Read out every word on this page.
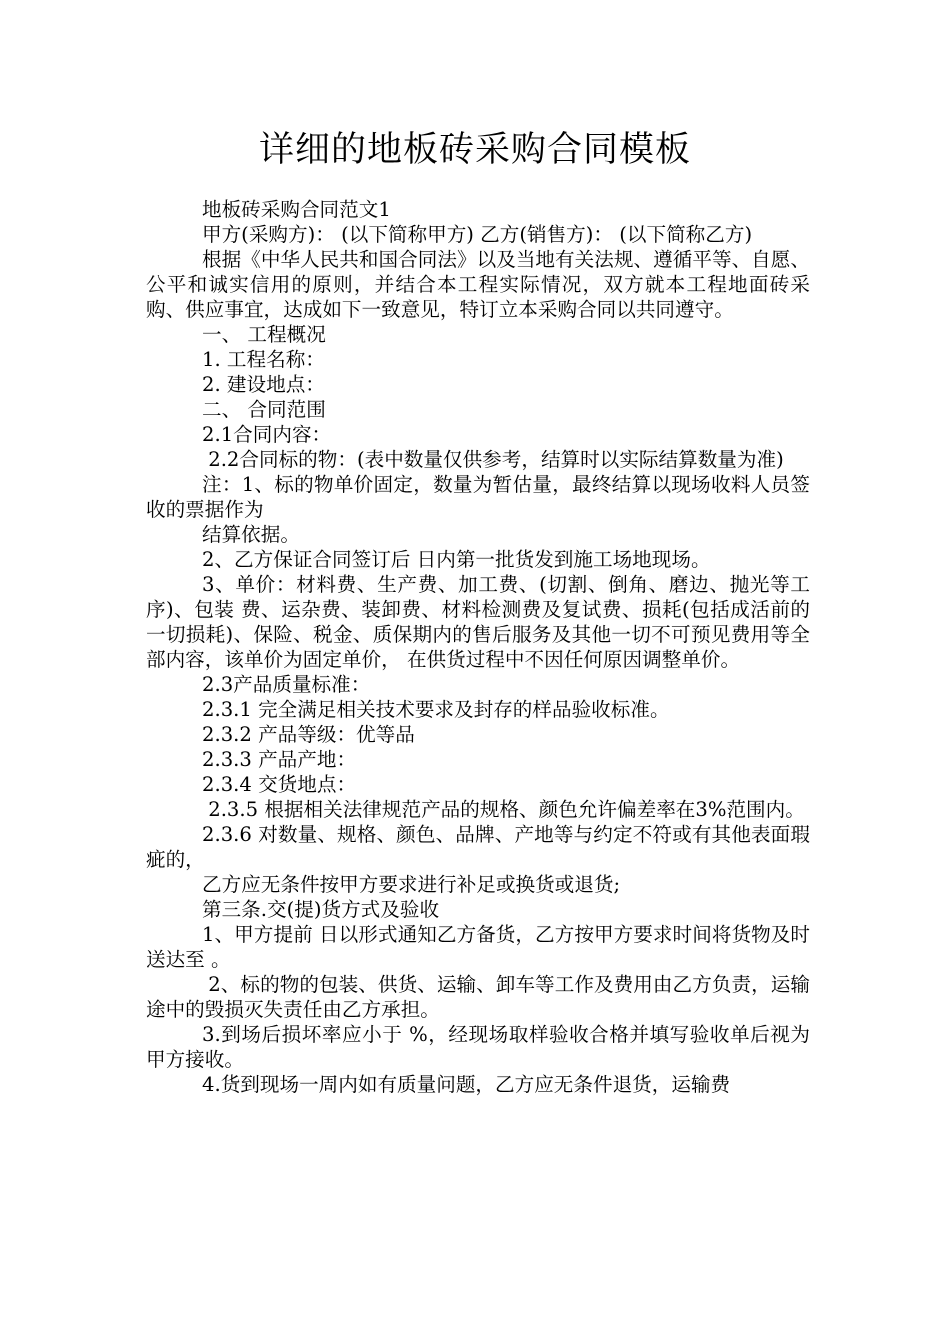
详细的地板砖采购合同模板

地板砖采购合同范文1

甲方(采购方)： (以下简称甲方) 乙方(销售方)： (以下简称乙方)

根据《中华人民共和国合同法》以及当地有关法规、遵循平等、自愿、公平和诚实信用的原则，并结合本工程实际情况，双方就本工程地面砖采购、供应事宜，达成如下一致意见，特订立本采购合同以共同遵守。

一、 工程概况

1. 工程名称：

2. 建设地点：

二、 合同范围

2.1合同内容：

2.2合同标的物：(表中数量仅供参考，结算时以实际结算数量为准)

注：1、标的物单价固定，数量为暂估量，最终结算以现场收料人员签收的票据作为

结算依据。

2、乙方保证合同签订后 日内第一批货发到施工场地现场。

3、单价：材料费、生产费、加工费、(切割、倒角、磨边、抛光等工序)、包装 费、运杂费、装卸费、材料检测费及复试费、损耗(包括成活前的一切损耗)、保险、税金、质保期内的售后服务及其他一切不可预见费用等全部内容，该单价为固定单价， 在供货过程中不因任何原因调整单价。

2.3产品质量标准：

2.3.1 完全满足相关技术要求及封存的样品验收标准。

2.3.2 产品等级：优等品

2.3.3 产品产地：

2.3.4 交货地点：

2.3.5 根据相关法律规范产品的规格、颜色允许偏差率在3%范围内。

2.3.6 对数量、规格、颜色、品牌、产地等与约定不符或有其他表面瑕疵的，

乙方应无条件按甲方要求进行补足或换货或退货;

第三条.交(提)货方式及验收

1、甲方提前 日以形式通知乙方备货，乙方按甲方要求时间将货物及时送达至 。

2、标的物的包装、供货、运输、卸车等工作及费用由乙方负责，运输途中的毁损灭失责任由乙方承担。

3.到场后损坏率应小于 %，经现场取样验收合格并填写验收单后视为甲方接收。

4.货到现场一周内如有质量问题，乙方应无条件退货，运输费
